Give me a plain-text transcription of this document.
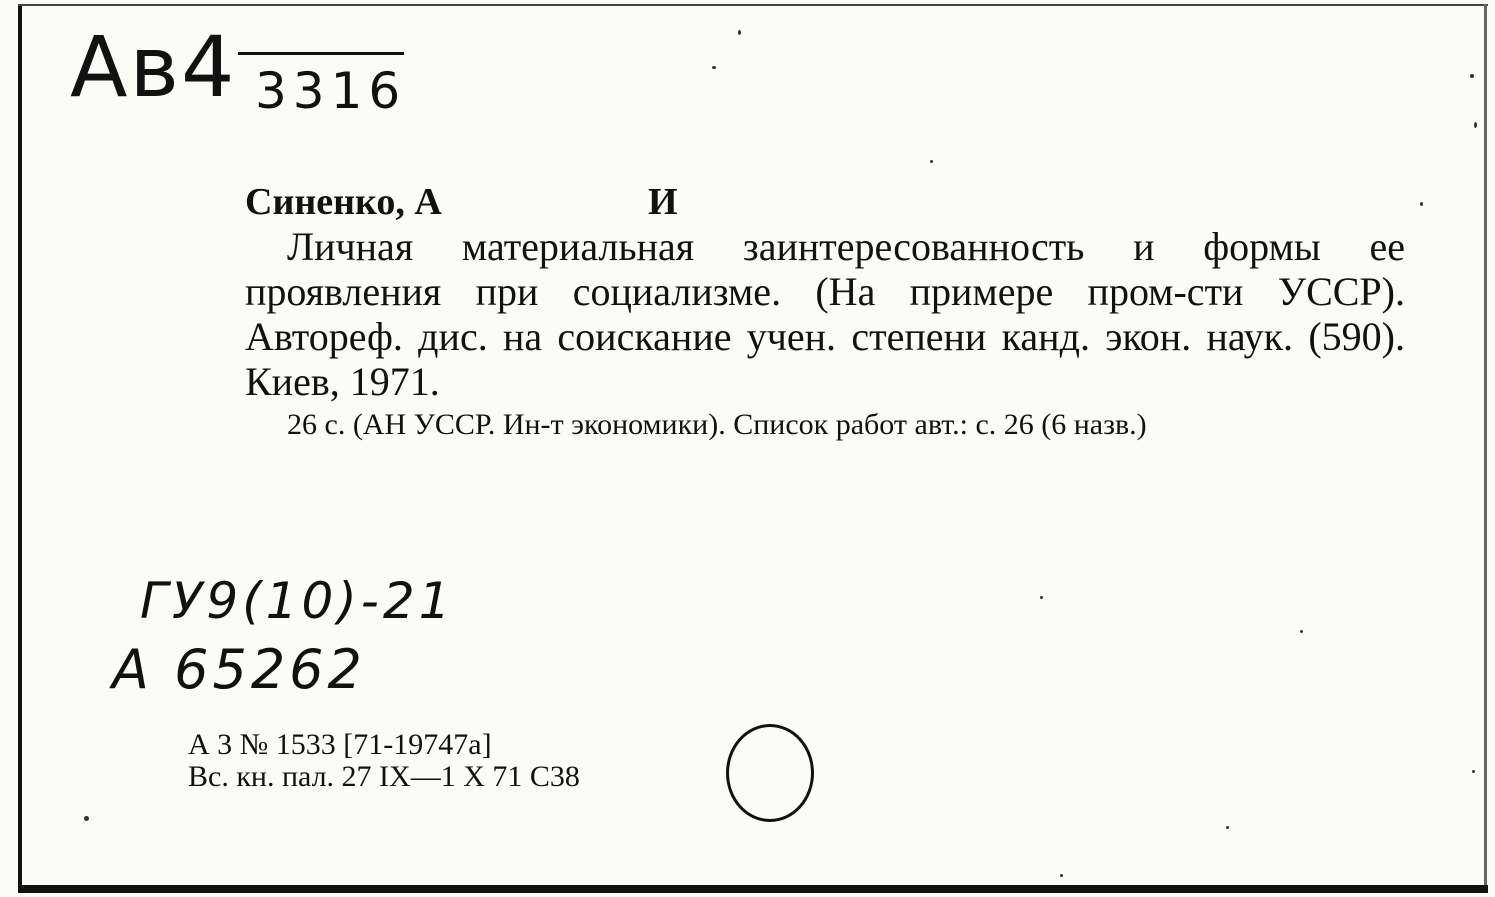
Ав4 3316
Синенко, А	И

Личная материальная заинтересованность и формы ее проявления при социализме. (На примере пром-сти УССР). Автореф. дис. на соискание учен. степени канд. экон. наук. (590). Киев, 1971.

26 с. (АН УССР. Ин-т экономики). Список работ авт.: с. 26 (6 назв.)

ГУ9(10)-21
А 65262
А 3 № 1533 [71-19747а]
Вс. кн. пал. 27 IX—1 X 71 С38
